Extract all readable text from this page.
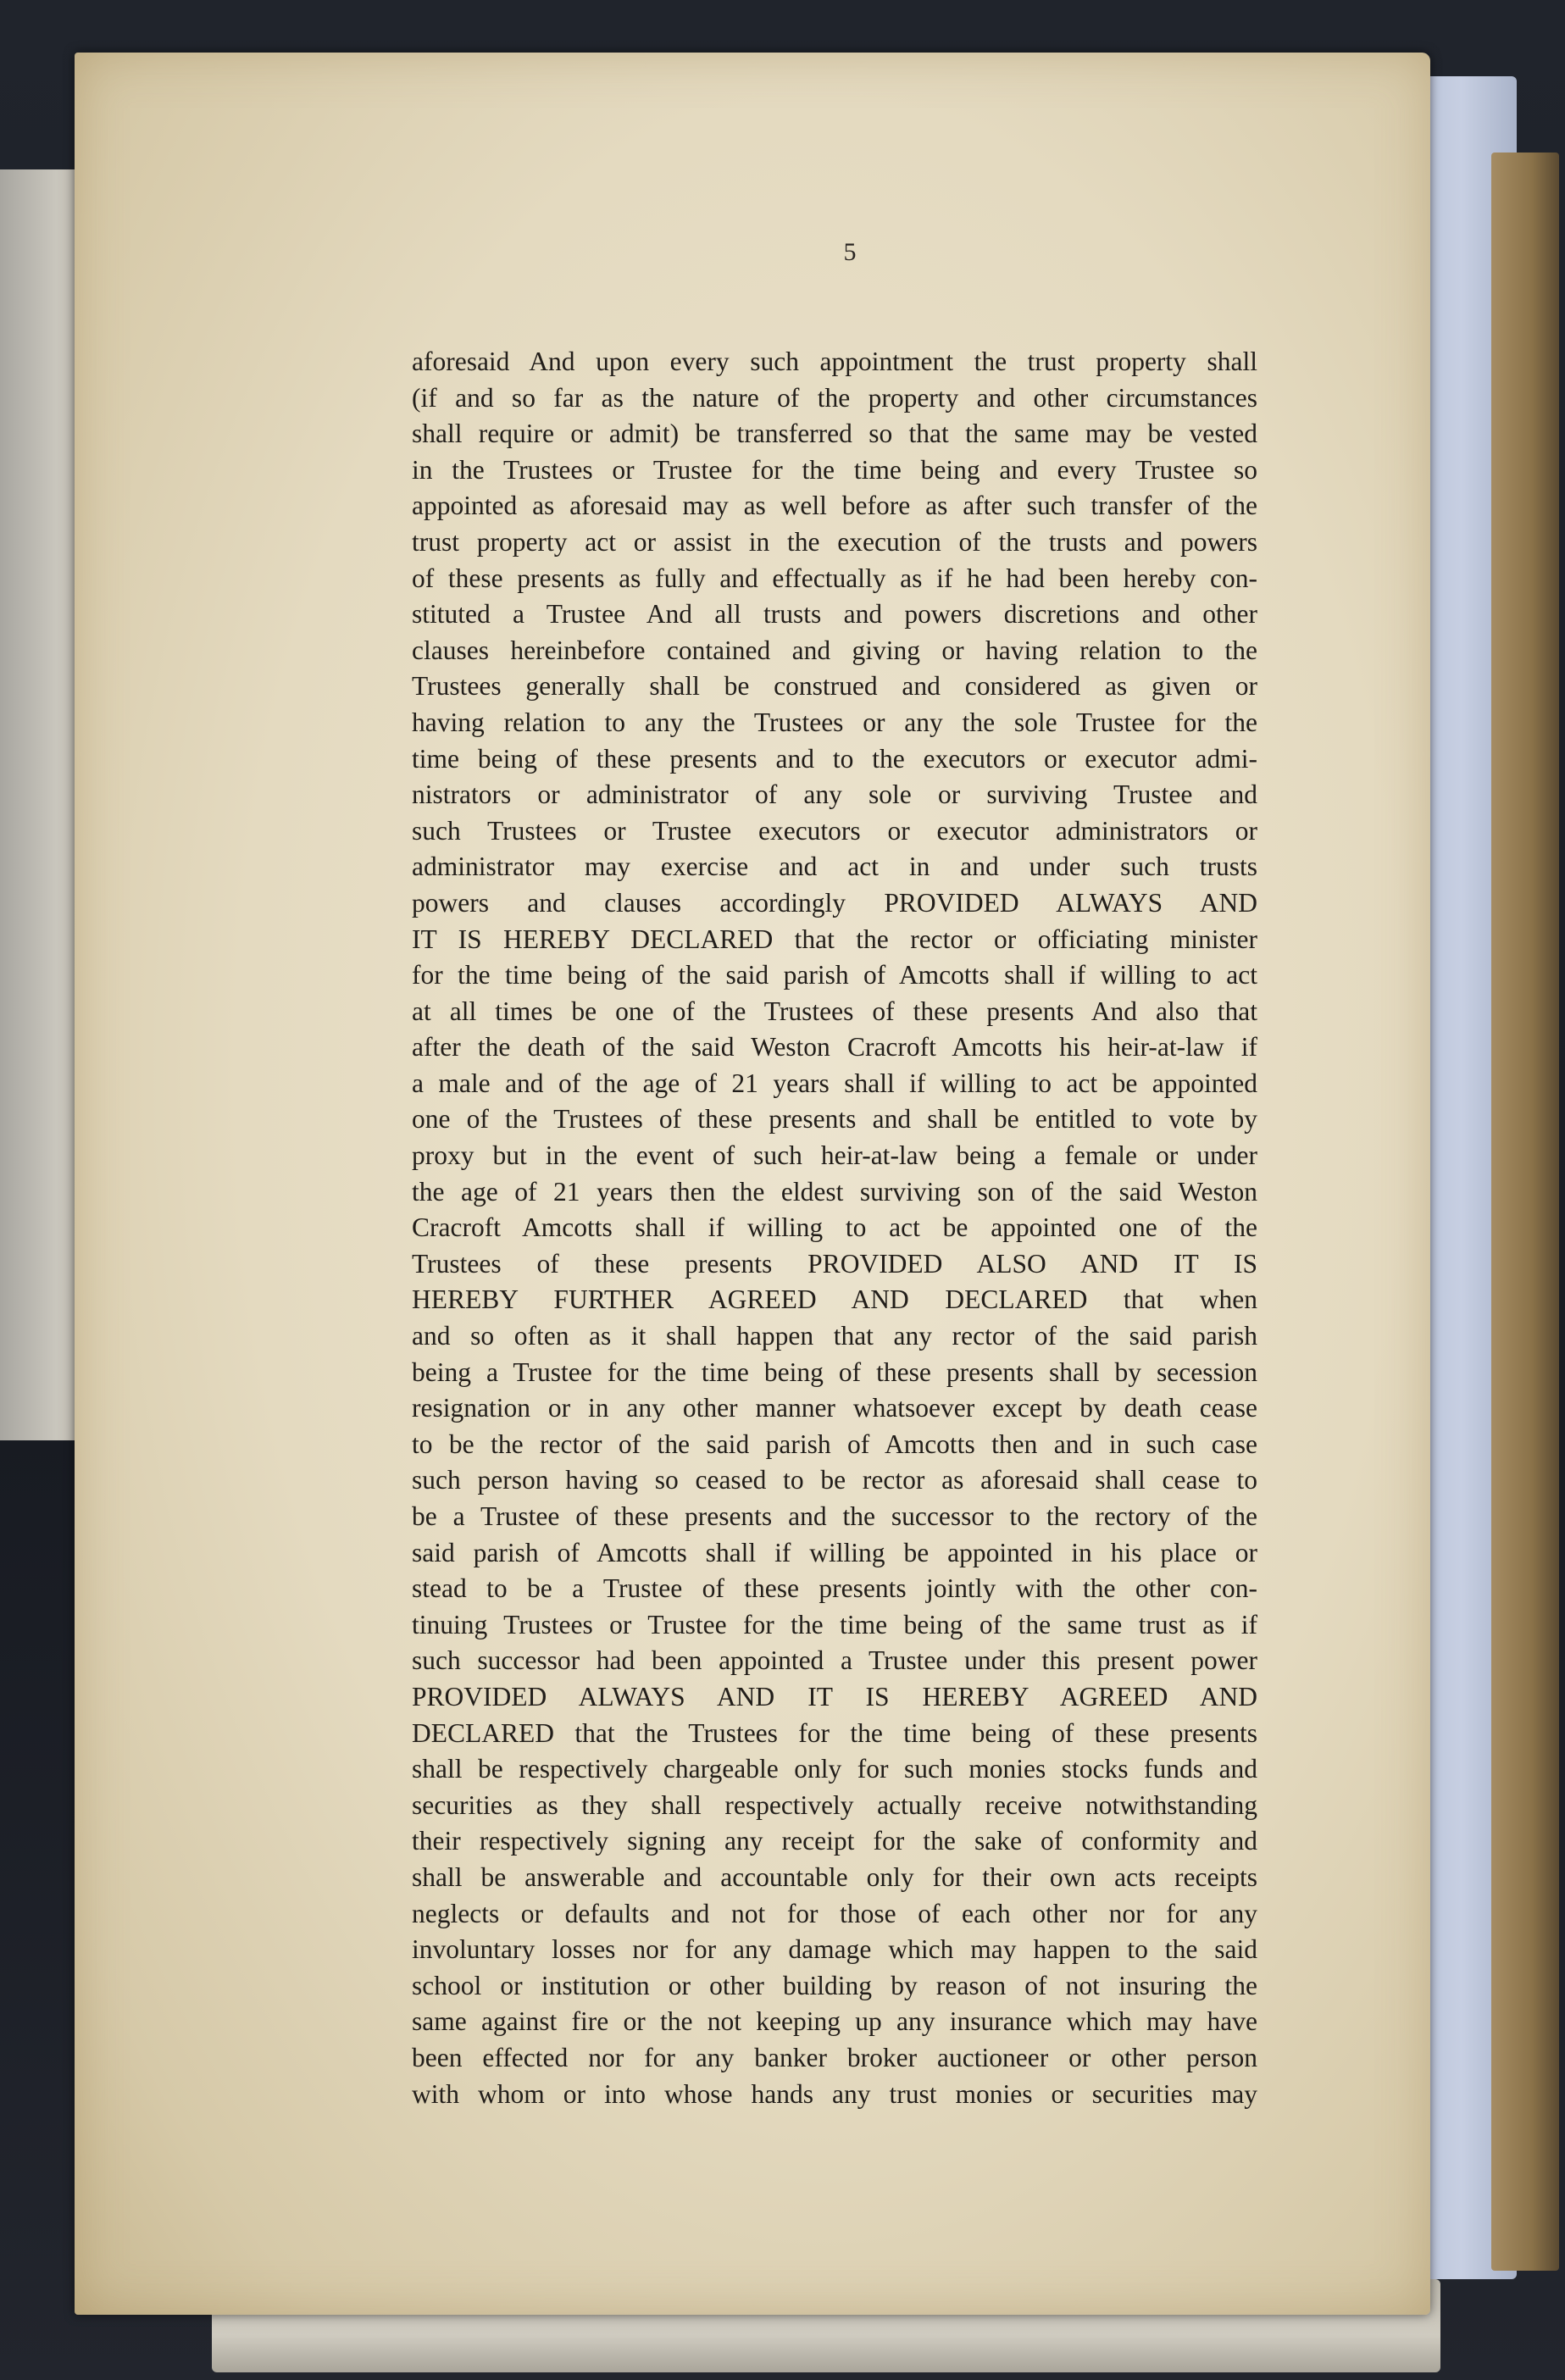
5
aforesaid And upon every such appointment the trust property shall
(if and so far as the nature of the property and other circumstances
shall require or admit) be transferred so that the same may be vested
in the Trustees or Trustee for the time being and every Trustee so
appointed as aforesaid may as well before as after such transfer of the
trust property act or assist in the execution of the trusts and powers
of these presents as fully and effectually as if he had been hereby con-
stituted a Trustee And all trusts and powers discretions and other
clauses hereinbefore contained and giving or having relation to the
Trustees generally shall be construed and considered as given or
having relation to any the Trustees or any the sole Trustee for the
time being of these presents and to the executors or executor admi-
nistrators or administrator of any sole or surviving Trustee and
such Trustees or Trustee executors or executor administrators or
administrator may exercise and act in and under such trusts
powers and clauses accordingly PROVIDED ALWAYS AND
IT IS HEREBY DECLARED that the rector or officiating minister
for the time being of the said parish of Amcotts shall if willing to act
at all times be one of the Trustees of these presents And also that
after the death of the said Weston Cracroft Amcotts his heir-at-law if
a male and of the age of 21 years shall if willing to act be appointed
one of the Trustees of these presents and shall be entitled to vote by
proxy but in the event of such heir-at-law being a female or under
the age of 21 years then the eldest surviving son of the said Weston
Cracroft Amcotts shall if willing to act be appointed one of the
Trustees of these presents PROVIDED ALSO AND IT IS
HEREBY FURTHER AGREED AND DECLARED that when
and so often as it shall happen that any rector of the said parish
being a Trustee for the time being of these presents shall by secession
resignation or in any other manner whatsoever except by death cease
to be the rector of the said parish of Amcotts then and in such case
such person having so ceased to be rector as aforesaid shall cease to
be a Trustee of these presents and the successor to the rectory of the
said parish of Amcotts shall if willing be appointed in his place or
stead to be a Trustee of these presents jointly with the other con-
tinuing Trustees or Trustee for the time being of the same trust as if
such successor had been appointed a Trustee under this present power
PROVIDED ALWAYS AND IT IS HEREBY AGREED AND
DECLARED that the Trustees for the time being of these presents
shall be respectively chargeable only for such monies stocks funds and
securities as they shall respectively actually receive notwithstanding
their respectively signing any receipt for the sake of conformity and
shall be answerable and accountable only for their own acts receipts
neglects or defaults and not for those of each other nor for any
involuntary losses nor for any damage which may happen to the said
school or institution or other building by reason of not insuring the
same against fire or the not keeping up any insurance which may have
been effected nor for any banker broker auctioneer or other person
with whom or into whose hands any trust monies or securities may
